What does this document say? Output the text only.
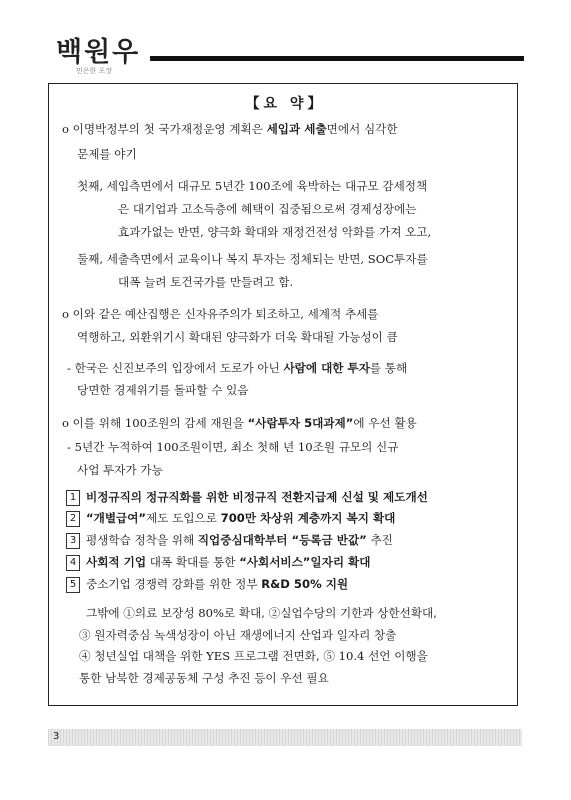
백원우
민은한 포장
【요 약】
o 이명박정부의 첫 국가재정운영 계획은 세입과 세출면에서 심각한
문제를 야기
첫째, 세입측면에서 대규모 5년간 100조에 육박하는 대규모 감세정책
은 대기업과 고소득층에 혜택이 집중됨으로써 경제성장에는
효과가없는 반면, 양극화 확대와 재정건전성 악화를 가져 오고,
둘째, 세출측면에서 교육이나 복지 투자는 정체되는 반면, SOC투자를
대폭 늘려 토건국가를 만들려고 함.
o 이와 같은 예산집행은 신자유주의가 퇴조하고, 세계적 추세를
역행하고, 외환위기시 확대된 양극화가 더욱 확대될 가능성이 큼
- 한국은 신진보주의 입장에서 도로가 아닌 사람에 대한 투자를 통해
당면한 경제위기를 돌파할 수 있음
o 이를 위해 100조원의 감세 재원을 “사람투자 5대과제”에 우선 활용
- 5년간 누적하여 100조원이면, 최소 첫해 년 10조원 규모의 신규
사업 투자가 가능
1 비정규직의 정규직화를 위한 비정규직 전환지급제 신설 및 제도개선
2 “개별급여”제도 도입으로 700만 차상위 계층까지 복지 확대
3 평생학습 정착을 위해 직업중심대학부터 “등록금 반값” 추진
4 사회적 기업 대폭 확대를 통한 “사회서비스”일자리 확대
5 중소기업 경쟁력 강화를 위한 정부 R&D 50% 지원
그밖에 ①의료 보장성 80%로 확대, ②실업수당의 기한과 상한선확대,
③ 원자력중심 녹색성장이 아닌 재생에너지 산업과 일자리 창출
④ 청년실업 대책을 위한 YES 프로그램 전면화, ⑤ 10.4 선언 이행을
통한 남북한 경제공동체 구성 추진 등이 우선 필요
3
